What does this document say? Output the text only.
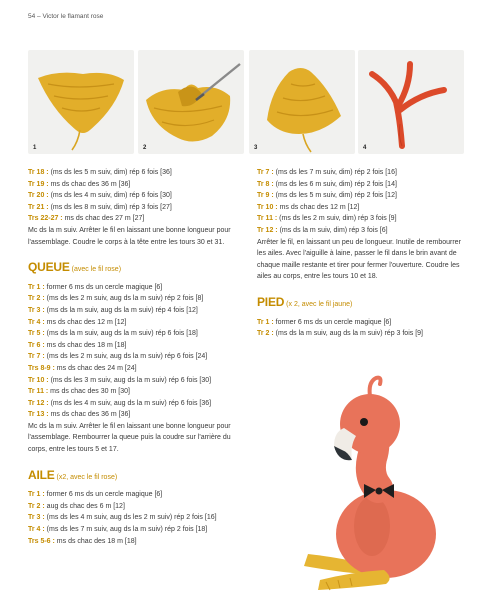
54 – Victor le flamant rose
1	2	3	4

Tr 18 : (ms ds les 5 m suiv, dim) rép 6 fois [36]

Tr 19 : ms ds chac des 36 m [36]

Tr 20 : (ms ds les 4 m suiv, dim) rép 6 fois [30]

Tr 21 : (ms ds les 8 m suiv, dim) rép 3 fois [27]

Trs 22-27 : ms ds chac des 27 m [27]

Mc ds la m suiv. Arrêter le fil en laissant une bonne longueur pour l'assemblage. Coudre le corps à la tête entre les tours 30 et 31.

QUEUE (avec le fil rose)

Tr 1 : former 6 ms ds un cercle magique [6]

Tr 2 : (ms ds les 2 m suiv, aug ds la m suiv) rép 2 fois [8]

Tr 3 : (ms ds la m suiv, aug ds la m suiv) rép 4 fois [12]

Tr 4 : ms ds chac des 12 m [12]

Tr 5 : (ms ds la m suiv, aug ds la m suiv) rép 6 fois [18]

Tr 6 : ms ds chac des 18 m [18]

Tr 7 : (ms ds les 2 m suiv, aug ds la m suiv) rép 6 fois [24]

Trs 8-9 : ms ds chac des 24 m [24]

Tr 10 : (ms ds les 3 m suiv, aug ds la m suiv) rép 6 fois [30]

Tr 11 : ms ds chac des 30 m [30]

Tr 12 : (ms ds les 4 m suiv, aug ds la m suiv) rép 6 fois [36]

Tr 13 : ms ds chac des 36 m [36]

Mc ds la m suiv. Arrêter le fil en laissant une bonne longueur pour l'assemblage. Rembourrer la queue puis la coudre sur l'arrière du corps, entre les tours 5 et 17.

AILE (x2, avec le fil rose)

Tr 1 : former 6 ms ds un cercle magique [6]

Tr 2 : aug ds chac des 6 m [12]

Tr 3 : (ms ds les 4 m suiv, aug ds les 2 m suiv) rép 2 fois [16]

Tr 4 : (ms ds les 7 m suiv, aug ds la m suiv) rép 2 fois [18]

Trs 5-6 : ms ds chac des 18 m [18]

Tr 7 : (ms ds les 7 m suiv, dim) rép 2 fois [16]

Tr 8 : (ms ds les 6 m suiv, dim) rép 2 fois [14]

Tr 9 : (ms ds les 5 m suiv, dim) rép 2 fois [12]

Tr 10 : ms ds chac des 12 m [12]

Tr 11 : (ms ds les 2 m suiv, dim) rép 3 fois [9]

Tr 12 : (ms ds la m suiv, dim) rép 3 fois [6]

Arrêter le fil, en laissant un peu de longueur. Inutile de rembourrer les ailes. Avec l'aiguille à laine, passer le fil dans le brin avant de chaque maille restante et tirer pour fermer l'ouverture. Coudre les ailes au corps, entre les tours 10 et 18.

PIED (x 2, avec le fil jaune)

Tr 1 : former 6 ms ds un cercle magique [6]

Tr 2 : (ms ds la m suiv, aug ds la m suiv) rép 3 fois [9]
